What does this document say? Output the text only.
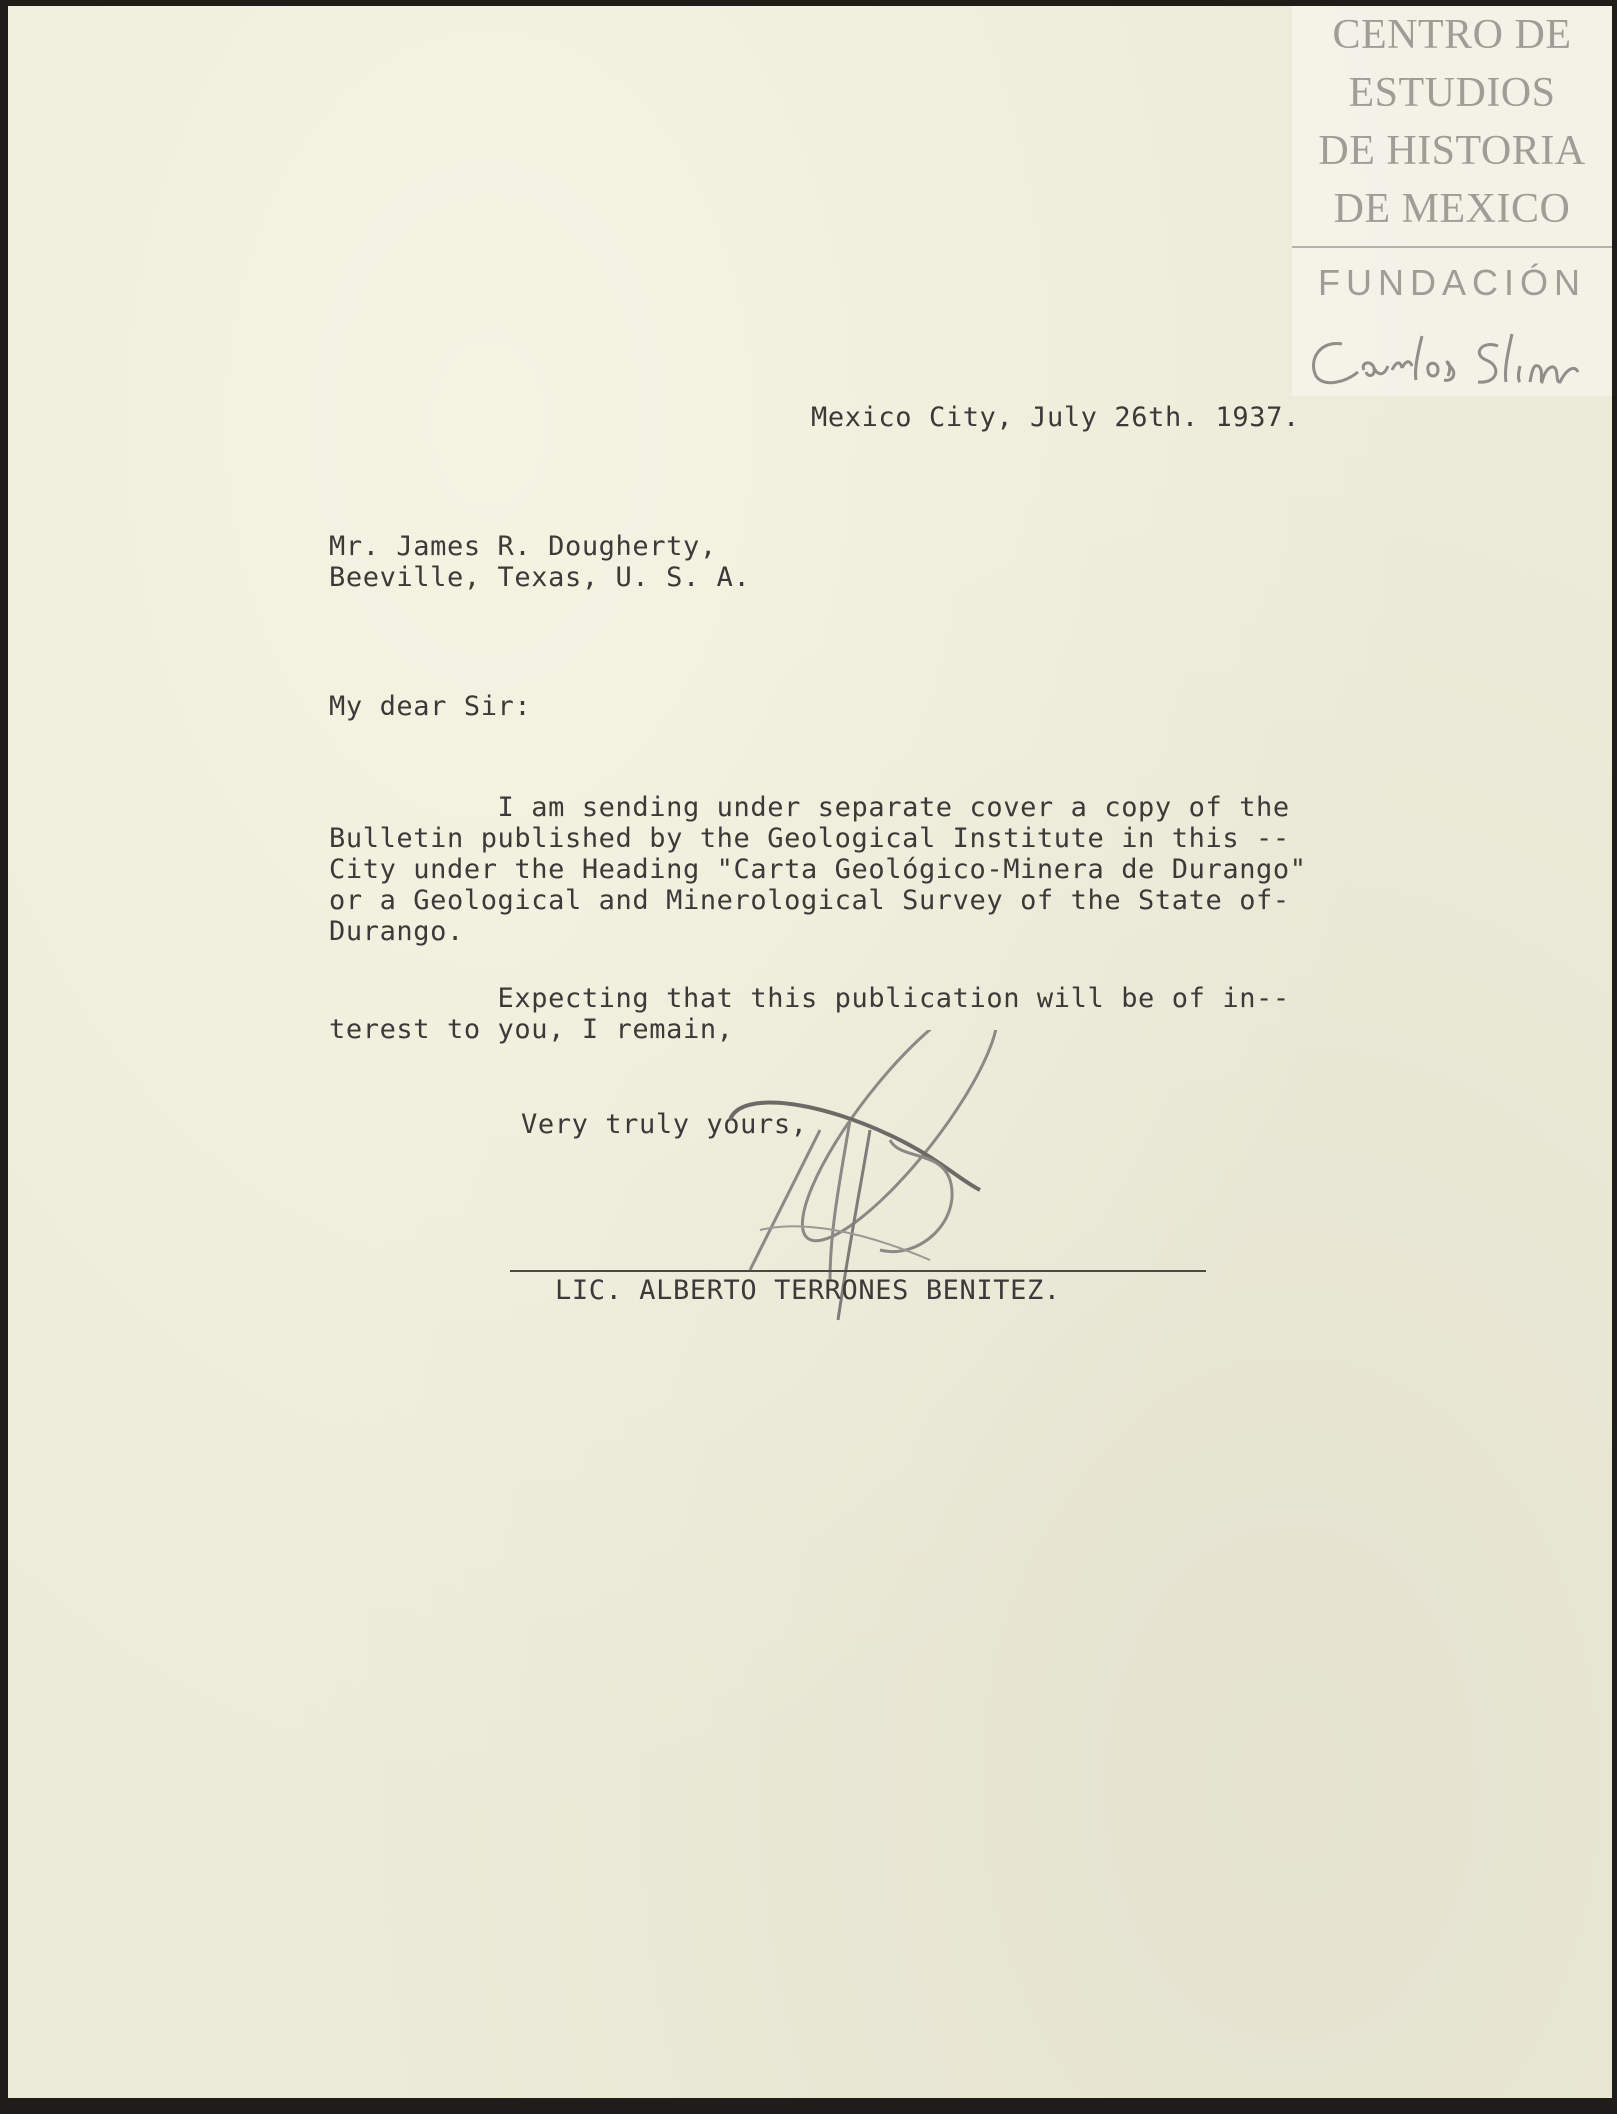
CENTRO DE
ESTUDIOS
DE HISTORIA
DE MEXICO
FUNDACIÓN

Mexico City, July 26th. 1937.

Mr. James R. Dougherty,

Beeville, Texas, U. S. A.

My dear Sir:

I am sending under separate cover a copy of the

Bulletin published by the Geological Institute in this --

City under the Heading "Carta Geológico-Minera de Durango"

or a Geological and Minerological Survey of the State of-

Durango.

Expecting that this publication will be of in--

terest to you, I remain,

Very truly yours,

LIC. ALBERTO TERRONES BENITEZ.
